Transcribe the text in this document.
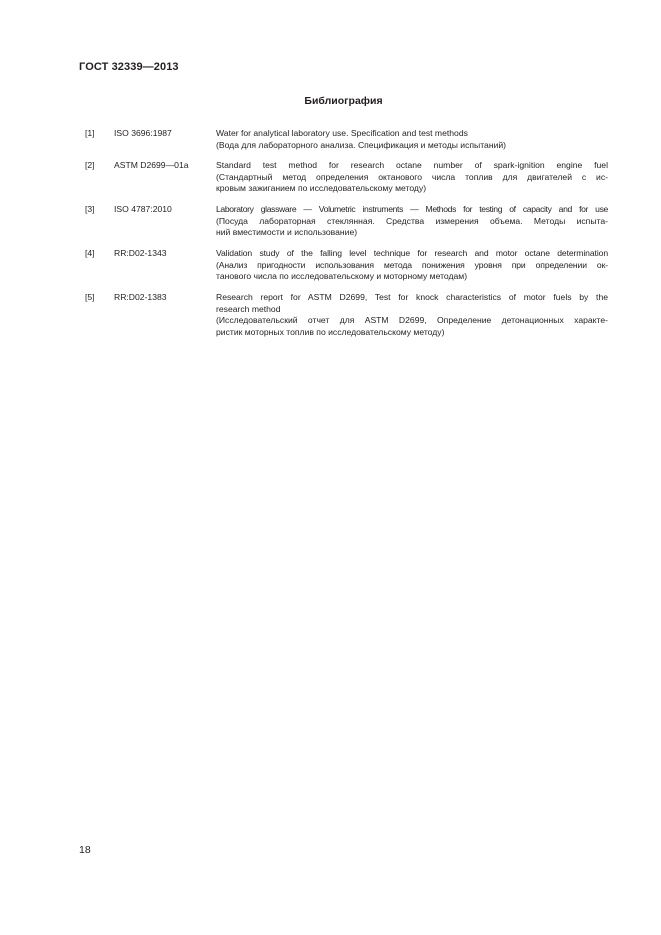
ГОСТ 32339—2013
Библиография
[1] ISO 3696:1987	Water for analytical laboratory use. Specification and test methods
(Вода для лабораторного анализа. Спецификация и методы испытаний)
[2] ASTM D2699—01a	Standard test method for research octane number of spark-ignition engine fuel
(Стандартный метод определения октанового числа топлив для двигателей с ис-
кровым зажиганием по исследовательскому методу)
[3] ISO 4787:2010	Laboratory glassware — Volumetric instruments — Methods for testing of capacity and for use
(Посуда лабораторная стеклянная. Средства измерения объема. Методы испыта-
ний вместимости и использование)
[4] RR:D02-1343	Validation study of the falling level technique for research and motor octane determination
(Анализ пригодности использования метода понижения уровня при определении ок-
танового числа по исследовательскому и моторному методам)
[5] RR:D02-1383	Research report for ASTM D2699, Test for knock characteristics of motor fuels by the
research method
(Исследовательский отчет для ASTM D2699, Определение детонационных характе-
ристик моторных топлив по исследовательскому методу)
18
